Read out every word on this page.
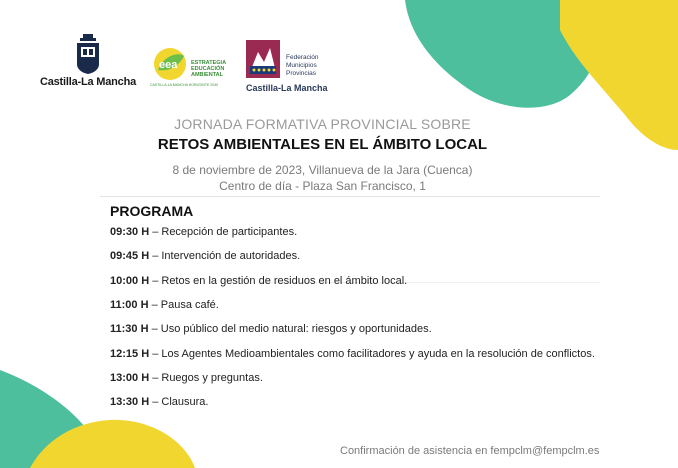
Castilla-La Mancha
eea ESTRATEGIA EDUCACIÓN AMBIENTAL
CASTILLA-LA MANCHA HORIZONTE 2030
Federación Municipios Provincias
Castilla-La Mancha
JORNADA FORMATIVA PROVINCIAL SOBRE
RETOS AMBIENTALES EN EL ÁMBITO LOCAL
8 de noviembre de 2023, Villanueva de la Jara (Cuenca)
Centro de día - Plaza San Francisco, 1
PROGRAMA
09:30 H – Recepción de participantes.
09:45 H – Intervención de autoridades.
10:00 H – Retos en la gestión de residuos en el ámbito local.
11:00 H – Pausa café.
11:30 H – Uso público del medio natural: riesgos y oportunidades.
12:15 H – Los Agentes Medioambientales como facilitadores y ayuda en la resolución de conflictos.
13:00 H – Ruegos y preguntas.
13:30 H – Clausura.
Confirmación de asistencia en fempclm@fempclm.es
